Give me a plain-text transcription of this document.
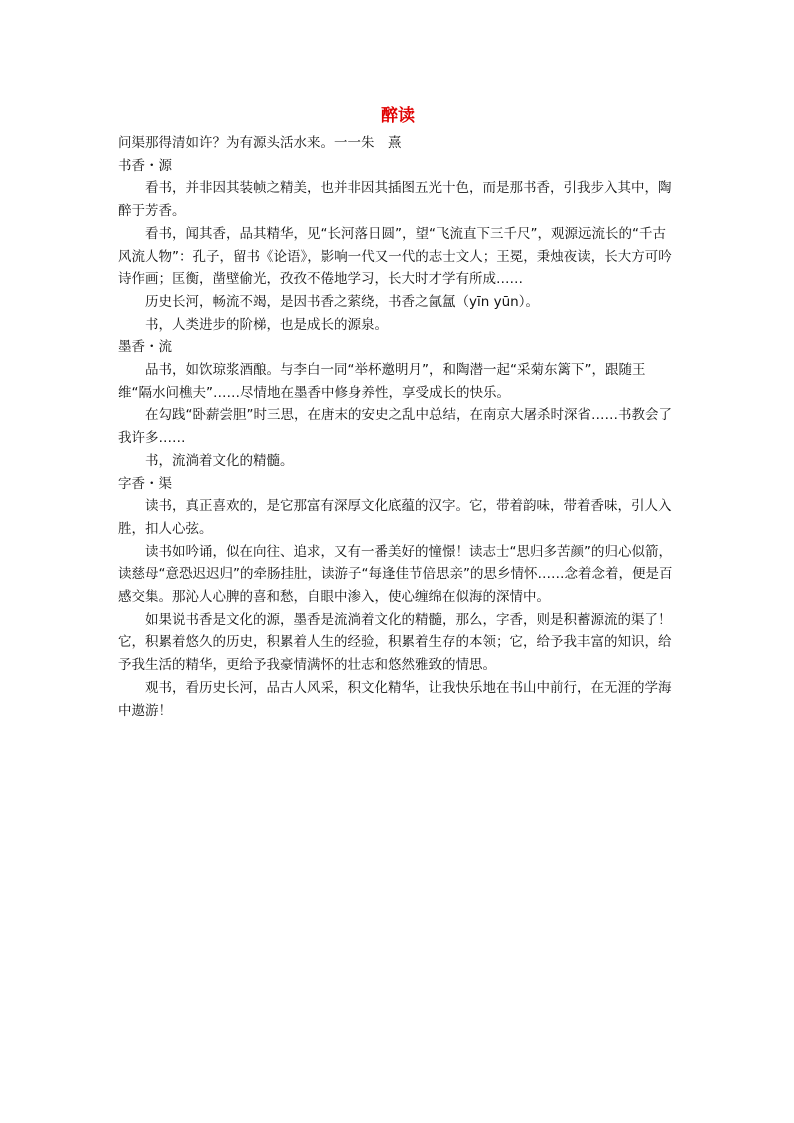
醉读

问渠那得清如许？为有源头活水来。一一朱　熹

书香・源

看书，并非因其装帧之精美，也并非因其插图五光十色，而是那书香，引我步入其中，陶醉于芳香。

看书，闻其香，品其精华，见“长河落日圆”，望“飞流直下三千尺”，观源远流长的“千古风流人物”：孔子，留书《论语》，影响一代又一代的志士文人；王冕，秉烛夜读，长大方可吟诗作画；匡衡，凿壁偷光，孜孜不倦地学习，长大时才学有所成……

历史长河，畅流不竭，是因书香之萦绕，书香之氤氲（yīn yūn）。

书，人类进步的阶梯，也是成长的源泉。

墨香・流

品书，如饮琼浆酒酿。与李白一同“举杯邀明月”，和陶潜一起“采菊东篱下”，跟随王维“隔水问樵夫”……尽情地在墨香中修身养性，享受成长的快乐。

在勾践“卧薪尝胆”时三思，在唐末的安史之乱中总结，在南京大屠杀时深省……书教会了我许多……

书，流淌着文化的精髓。

字香・渠

读书，真正喜欢的，是它那富有深厚文化底蕴的汉字。它，带着韵味，带着香味，引人入胜，扣人心弦。

读书如吟诵，似在向往、追求，又有一番美好的憧憬！读志士“思归多苦颜”的归心似箭，读慈母“意恐迟迟归”的牵肠挂肚，读游子“每逢佳节倍思亲”的思乡情怀……念着念着，便是百感交集。那沁人心脾的喜和愁，自眼中渗入，使心缠绵在似海的深情中。

如果说书香是文化的源，墨香是流淌着文化的精髓，那么，字香，则是积蓄源流的渠了！它，积累着悠久的历史，积累着人生的经验，积累着生存的本领；它，给予我丰富的知识，给予我生活的精华，更给予我豪情满怀的壮志和悠然雅致的情思。

观书，看历史长河，品古人风采，积文化精华，让我快乐地在书山中前行，在无涯的学海中遨游！
